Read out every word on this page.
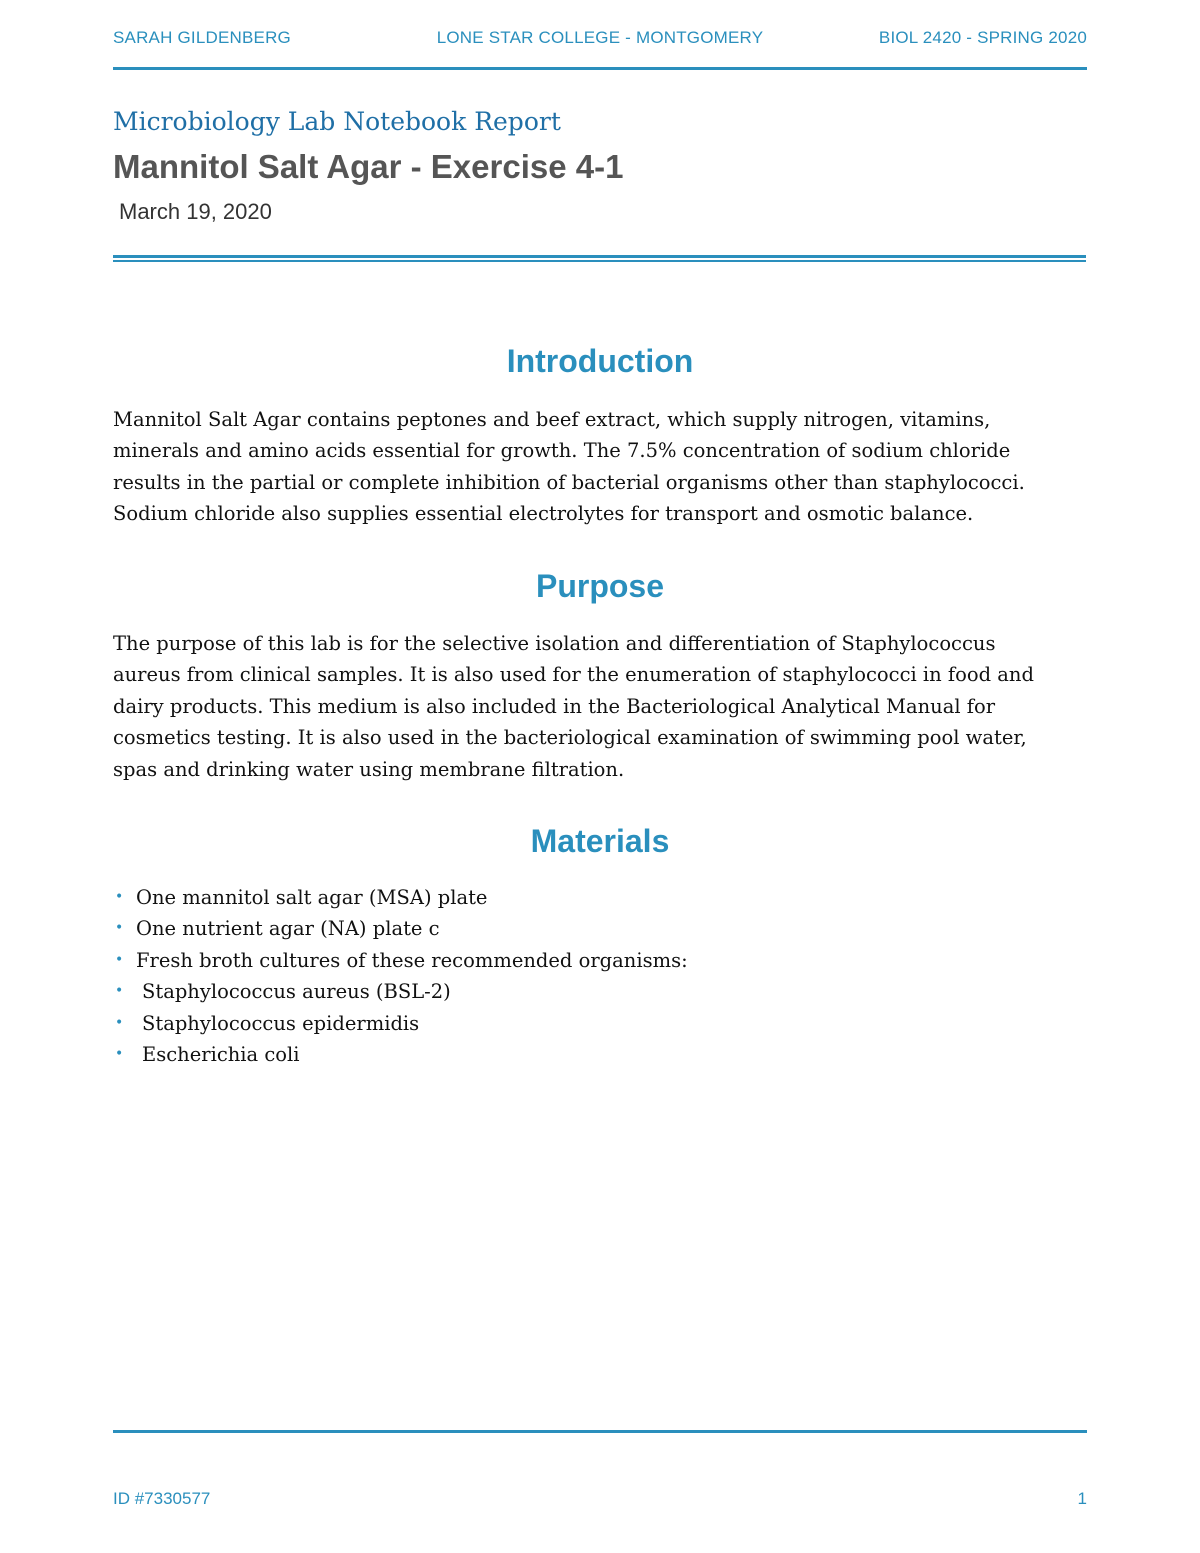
SARAH GILDENBERG	LONE STAR COLLEGE - MONTGOMERY	BIOL 2420 - SPRING 2020
Microbiology Lab Notebook Report
Mannitol Salt Agar - Exercise 4-1
March 19, 2020
Introduction
Mannitol Salt Agar contains peptones and beef extract, which supply nitrogen, vitamins,
minerals and amino acids essential for growth. The 7.5% concentration of sodium chloride
results in the partial or complete inhibition of bacterial organisms other than staphylococci.
Sodium chloride also supplies essential electrolytes for transport and osmotic balance.
Purpose
The purpose of this lab is for the selective isolation and differentiation of Staphylococcus
aureus from clinical samples. It is also used for the enumeration of staphylococci in food and
dairy products. This medium is also included in the Bacteriological Analytical Manual for
cosmetics testing. It is also used in the bacteriological examination of swimming pool water,
spas and drinking water using membrane filtration.
Materials
• One mannitol salt agar (MSA) plate
• One nutrient agar (NA) plate c
• Fresh broth cultures of these recommended organisms:
• Staphylococcus aureus (BSL-2)
• Staphylococcus epidermidis
• Escherichia coli
ID #7330577	1
